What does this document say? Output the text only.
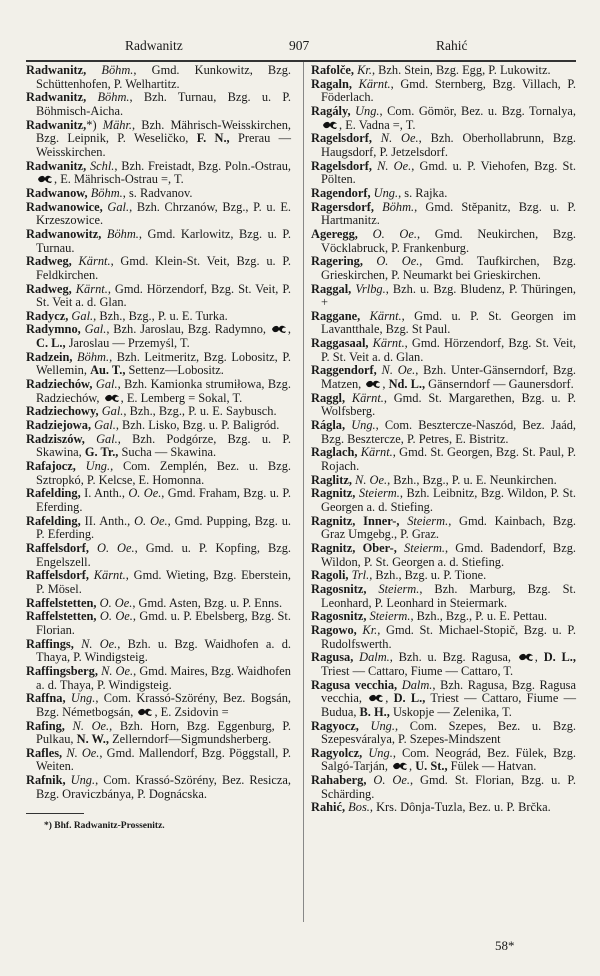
Radwanitz	907	Rahić

Radwanitz, Böhm., Gmd. Kunkowitz, Bzg. Schüttenhofen, P. Welhartitz.

Radwanitz, Böhm., Bzh. Turnau, Bzg. u. P. Böhmisch-Aicha.

Radwanitz,*) Mähr., Bzh. Mährisch-Weisskirchen, Bzg. Leipnik, P. Weseličko, F. N., Prerau — Weisskirchen.

Radwanitz, Schl., Bzh. Freistadt, Bzg. Poln.-Ostrau,
, E. Mährisch-Ostrau =, T.

Radwanow, Böhm., s. Radvanov.

Radwanowice, Gal., Bzh. Chrzanów, Bzg., P. u. E. Krzeszowice.

Radwanowitz, Böhm., Gmd. Karlowitz, Bzg. u. P. Turnau.

Radweg, Kärnt., Gmd. Klein-St. Veit, Bzg. u. P. Feldkirchen.

Radweg, Kärnt., Gmd. Hörzendorf, Bzg. St. Veit, P. St. Veit a. d. Glan.

Radycz, Gal., Bzh., Bzg., P. u. E. Turka.

Radymno, Gal., Bzh. Jaroslau, Bzg. Radymno,
, C. L., Jaroslau — Przemyśl, T.

Radzein, Böhm., Bzh. Leitmeritz, Bzg. Lobositz, P. Wellemin, Au. T., Settenz—Lobositz.

Radziechów, Gal., Bzh. Kamionka strumiłowa, Bzg. Radziechów,
, E. Lemberg = Sokal, T.

Radziechowy, Gal., Bzh., Bzg., P. u. E. Saybusch.

Radziejowa, Gal., Bzh. Lisko, Bzg. u. P. Baligród.

Radziszów, Gal., Bzh. Podgórze, Bzg. u. P. Skawina, G. Tr., Sucha — Skawina.

Rafajocz, Ung., Com. Zemplén, Bez. u. Bzg. Sztropkó, P. Kelcse, E. Homonna.

Rafelding, I. Anth., O. Oe., Gmd. Fraham, Bzg. u. P. Eferding.

Rafelding, II. Anth., O. Oe., Gmd. Pupping, Bzg. u. P. Eferding.

Raffelsdorf, O. Oe., Gmd. u. P. Kopfing, Bzg. Engelszell.

Raffelsdorf, Kärnt., Gmd. Wieting, Bzg. Eberstein, P. Mösel.

Raffelstetten, O. Oe., Gmd. Asten, Bzg. u. P. Enns.

Raffelstetten, O. Oe., Gmd. u. P. Ebelsberg, Bzg. St. Florian.

Raffings, N. Oe., Bzh. u. Bzg. Waidhofen a. d. Thaya, P. Windigsteig.

Raffingsberg, N. Oe., Gmd. Maires, Bzg. Waidhofen a. d. Thaya, P. Windigsteig.

Raffna, Ung., Com. Krassó-Szörény, Bez. Bogsán, Bzg. Németbogsán,
, E. Zsidovin =

Rafing, N. Oe., Bzh. Horn, Bzg. Eggenburg, P. Pulkau, N. W., Zellerndorf—Sigmundsherberg.

Rafles, N. Oe., Gmd. Mallendorf, Bzg. Pöggstall, P. Weiten.

Rafnik, Ung., Com. Krassó-Szörény, Bez. Resicza, Bzg. Oraviczbánya, P. Dognácska.

*) Bhf. Radwanitz-Prossenitz.

Rafolče, Kr., Bzh. Stein, Bzg. Egg, P. Lukowitz.

Ragaln, Kärnt., Gmd. Sternberg, Bzg. Villach, P. Föderlach.

Ragály, Ung., Com. Gömör, Bez. u. Bzg. Tornalya,
, E. Vadna =, T.

Ragelsdorf, N. Oe., Bzh. Oberhollabrunn, Bzg. Haugsdorf, P. Jetzelsdorf.

Ragelsdorf, N. Oe., Gmd. u. P. Viehofen, Bzg. St. Pölten.

Ragendorf, Ung., s. Rajka.

Ragersdorf, Böhm., Gmd. Stěpanitz, Bzg. u. P. Hartmanitz.

Ageregg, O. Oe., Gmd. Neukirchen, Bzg. Vöcklabruck, P. Frankenburg.

Ragering, O. Oe., Gmd. Taufkirchen, Bzg. Grieskirchen, P. Neumarkt bei Grieskirchen.

Raggal, Vrlbg., Bzh. u. Bzg. Bludenz, P. Thüringen, +

Raggane, Kärnt., Gmd. u. P. St. Georgen im Lavantthale, Bzg. St Paul.

Raggasaal, Kärnt., Gmd. Hörzendorf, Bzg. St. Veit, P. St. Veit a. d. Glan.

Raggendorf, N. Oe., Bzh. Unter-Gänserndorf, Bzg. Matzen,
, Nd. L., Gänserndorf — Gaunersdorf.

Raggl, Kärnt., Gmd. St. Margarethen, Bzg. u. P. Wolfsberg.

Rágla, Ung., Com. Besztercze-Naszód, Bez. Jaád, Bzg. Besztercze, P. Petres, E. Bistritz.

Raglach, Kärnt., Gmd. St. Georgen, Bzg. St. Paul, P. Rojach.

Raglitz, N. Oe., Bzh., Bzg., P. u. E. Neunkirchen.

Ragnitz, Steierm., Bzh. Leibnitz, Bzg. Wildon, P. St. Georgen a. d. Stiefing.

Ragnitz, Inner-, Steierm., Gmd. Kainbach, Bzg. Graz Umgebg., P. Graz.

Ragnitz, Ober-, Steierm., Gmd. Badendorf, Bzg. Wildon, P. St. Georgen a. d. Stiefing.

Ragoli, Trl., Bzh., Bzg. u. P. Tione.

Ragosnitz, Steierm., Bzh. Marburg, Bzg. St. Leonhard, P. Leonhard in Steiermark.

Ragosnitz, Steierm., Bzh., Bzg., P. u. E. Pettau.

Ragowo, Kr., Gmd. St. Michael-Stopič, Bzg. u. P. Rudolfswerth.

Ragusa, Dalm., Bzh. u. Bzg. Ragusa,
, D. L., Triest — Cattaro, Fiume — Cattaro, T.

Ragusa vecchia, Dalm., Bzh. Ragusa, Bzg. Ragusa vecchia,
, D. L., Triest — Cattaro, Fiume — Budua, B. H., Uskopje — Zelenika, T.

Ragyocz, Ung., Com. Szepes, Bez. u. Bzg. Szepesváralya, P. Szepes-Mindszent

Ragyolcz, Ung., Com. Neográd, Bez. Fülek, Bzg. Salgó-Tarján,
, U. St., Fülek — Hatvan.

Rahaberg, O. Oe., Gmd. St. Florian, Bzg. u. P. Schärding.

Rahić, Bos., Krs. Dônja-Tuzla, Bez. u. P. Brčka.

58*
